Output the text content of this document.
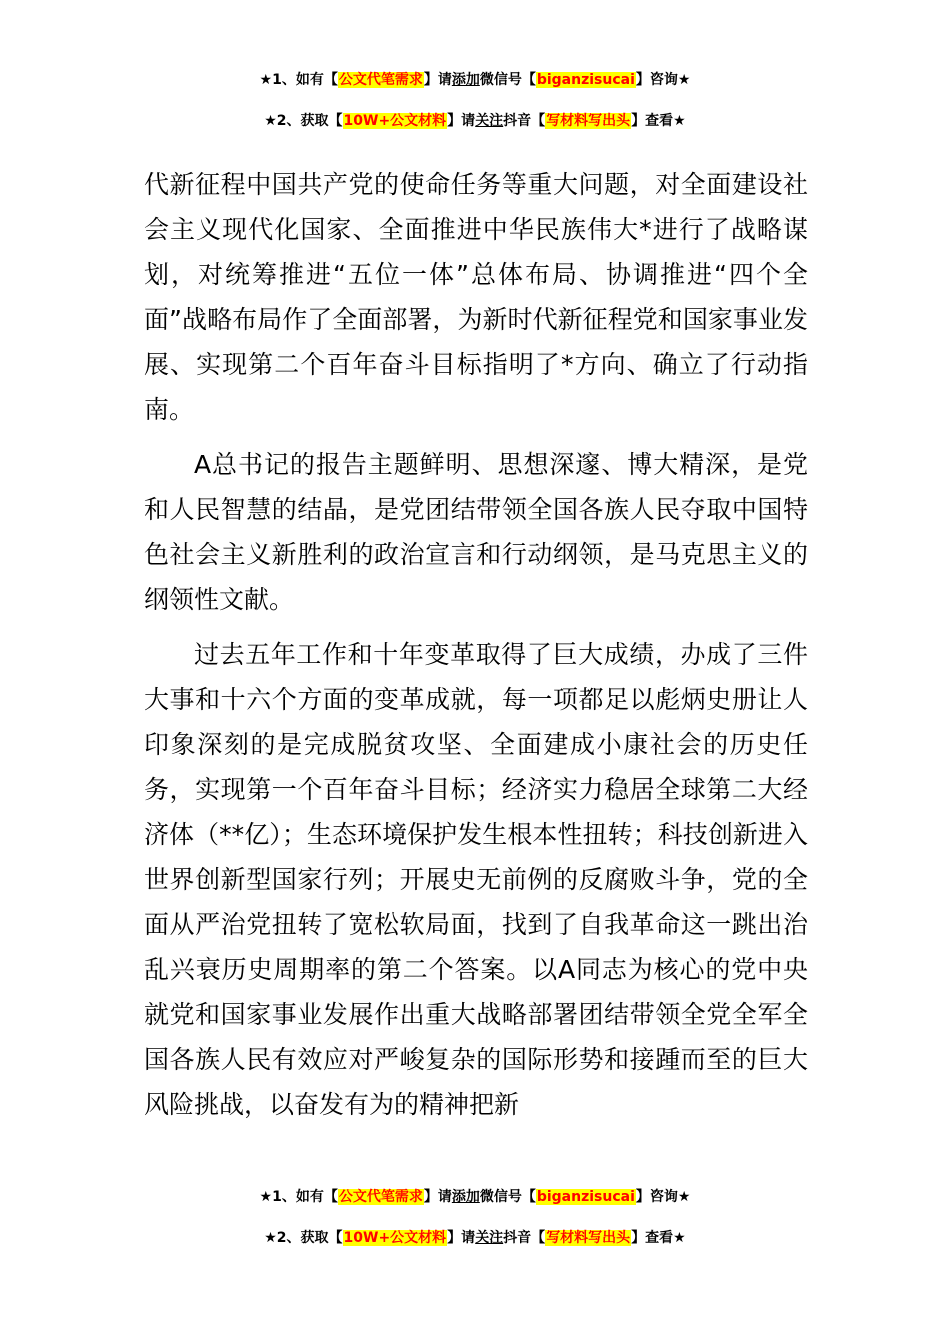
★1、如有【公文代笔需求】请添加微信号【biganzisucai】咨询★
★2、获取【10W+公文材料】请关注抖音【写材料写出头】查看★

代新征程中国共产党的使命任务等重大问题，对全面建设社会主义现代化国家、全面推进中华民族伟大*进行了战略谋划，对统筹推进“五位一体”总体布局、协调推进“四个全面”战略布局作了全面部署，为新时代新征程党和国家事业发展、实现第二个百年奋斗目标指明了*方向、确立了行动指南。

A总书记的报告主题鲜明、思想深邃、博大精深，是党和人民智慧的结晶，是党团结带领全国各族人民夺取中国特色社会主义新胜利的政治宣言和行动纲领，是马克思主义的纲领性文献。

过去五年工作和十年变革取得了巨大成绩，办成了三件大事和十六个方面的变革成就，每一项都足以彪炳史册让人印象深刻的是完成脱贫攻坚、全面建成小康社会的历史任务，实现第一个百年奋斗目标；经济实力稳居全球第二大经济体（**亿）；生态环境保护发生根本性扭转；科技创新进入世界创新型国家行列；开展史无前例的反腐败斗争，党的全面从严治党扭转了宽松软局面，找到了自我革命这一跳出治乱兴衰历史周期率的第二个答案。以A同志为核心的党中央就党和国家事业发展作出重大战略部署团结带领全党全军全国各族人民有效应对严峻复杂的国际形势和接踵而至的巨大风险挑战，以奋发有为的精神把新

★1、如有【公文代笔需求】请添加微信号【biganzisucai】咨询★
★2、获取【10W+公文材料】请关注抖音【写材料写出头】查看★
